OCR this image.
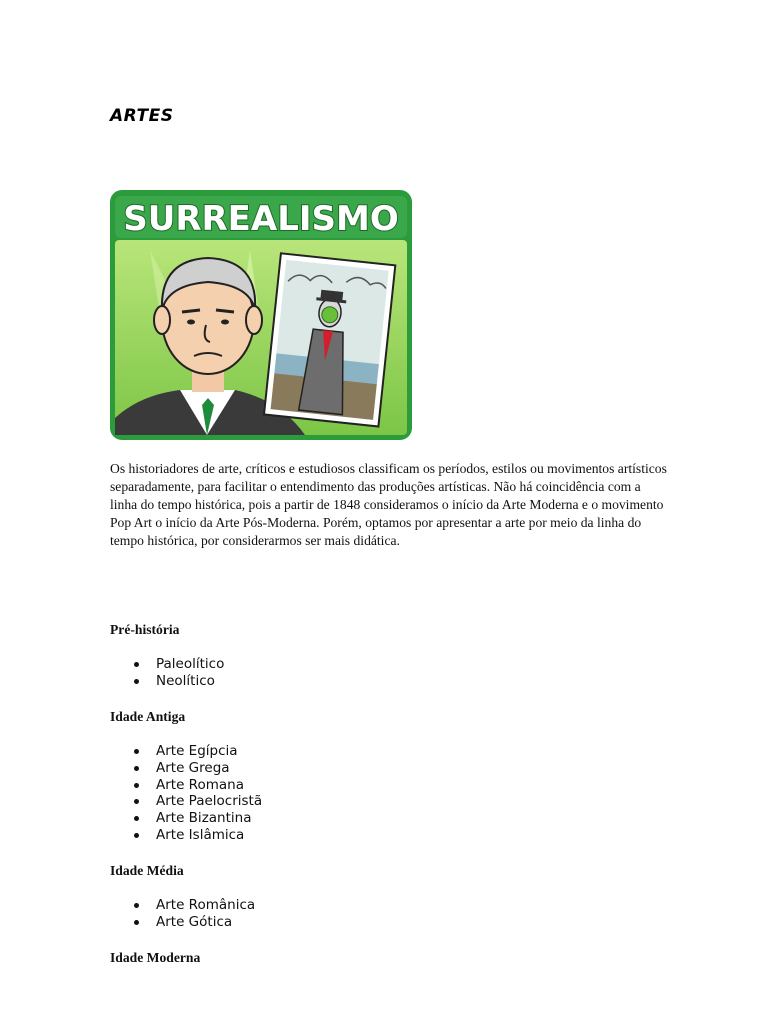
ARTES
SURREALISMO
Os historiadores de arte, críticos e estudiosos classificam os períodos, estilos ou movimentos artísticos separadamente, para facilitar o entendimento das produções artísticas. Não há coincidência com a linha do tempo histórica, pois a partir de 1848 consideramos o início da Arte Moderna e o movimento Pop Art o início da Arte Pós-Moderna. Porém, optamos por apresentar a arte por meio da linha do tempo histórica, por considerarmos ser mais didática.
Pré-história
Paleolítico
Neolítico
Idade Antiga
Arte Egípcia
Arte Grega
Arte Romana
Arte Paelocristã
Arte Bizantina
Arte Islâmica
Idade Média
Arte Românica
Arte Gótica
Idade Moderna
